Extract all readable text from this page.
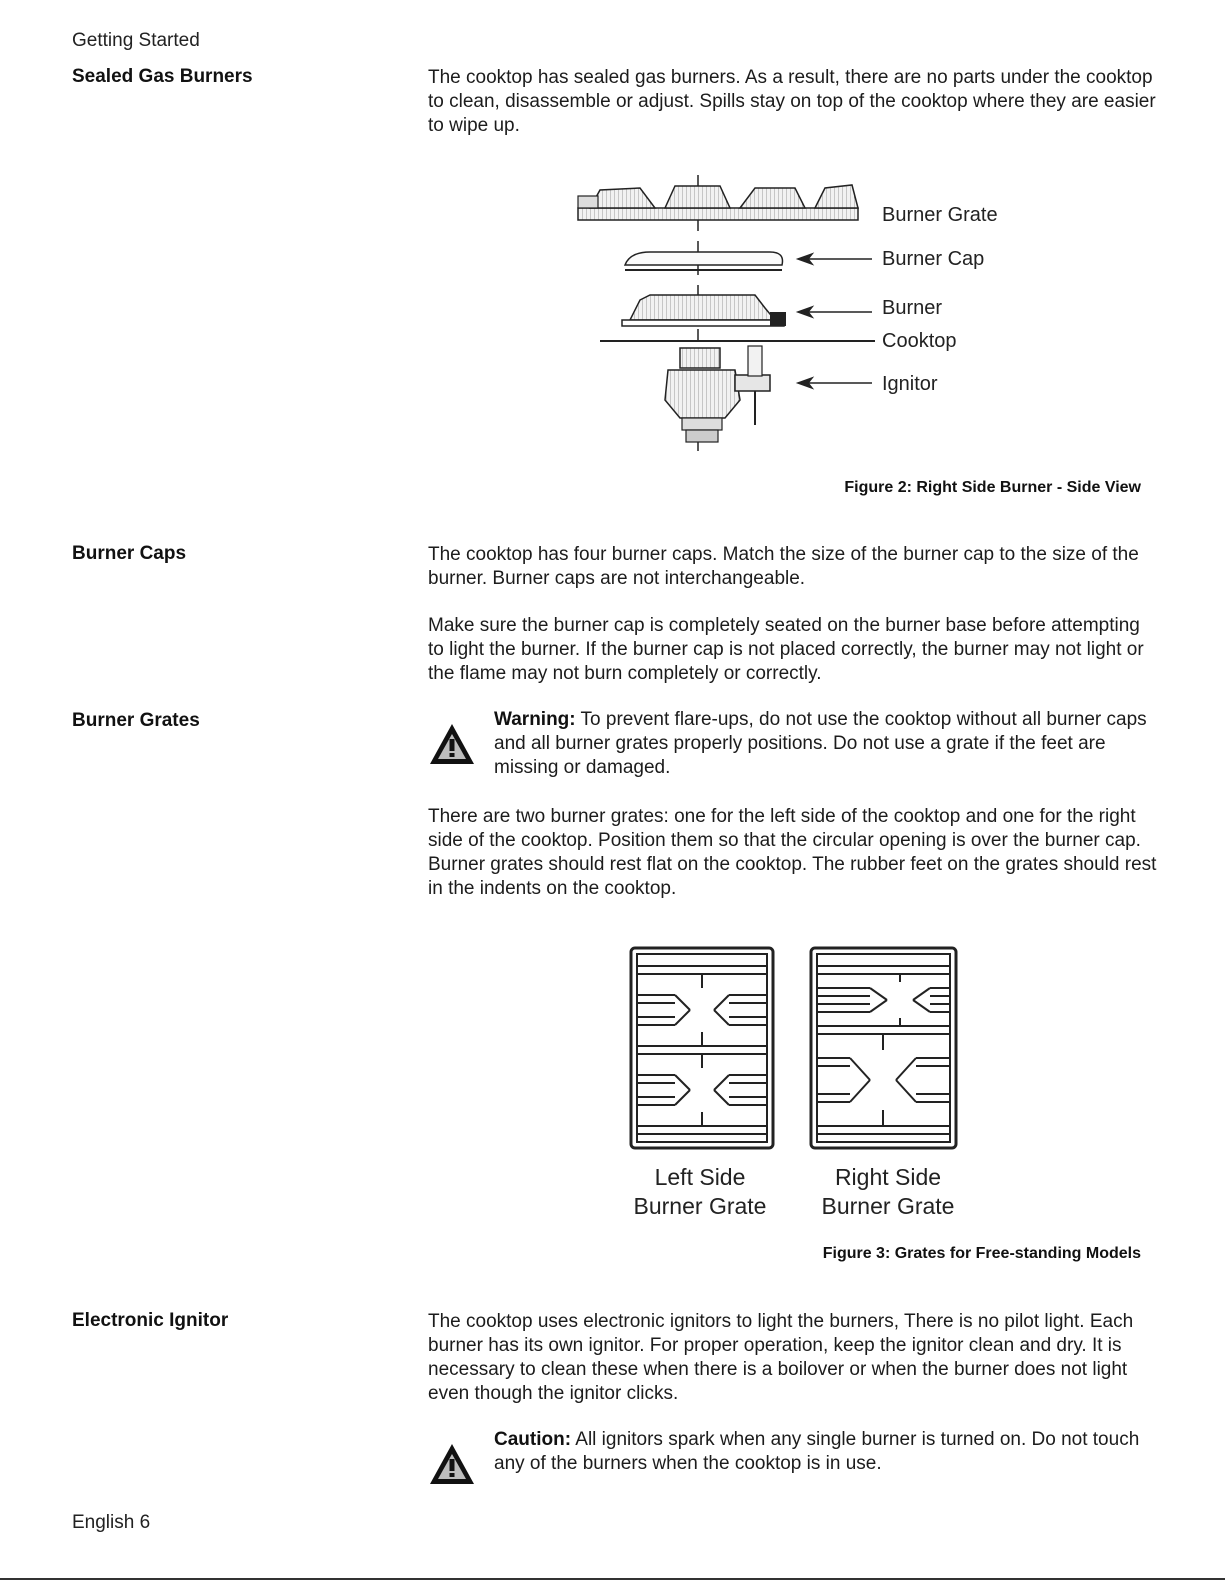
Getting Started
Sealed Gas Burners	The cooktop has sealed gas burners. As a result, there are no parts under the cooktop to clean, disassemble or adjust. Spills stay on top of the cooktop where they are easier to wipe up.
Burner Grate
Burner Cap
Burner
Cooktop
Ignitor
Figure 2: Right Side Burner - Side View
Burner Caps	The cooktop has four burner caps. Match the size of the burner cap to the size of the burner. Burner caps are not interchangeable.
Make sure the burner cap is completely seated on the burner base before attempting to light the burner. If the burner cap is not placed correctly, the burner may not light or the flame may not burn completely or correctly.
Burner Grates	Warning: To prevent flare-ups, do not use the cooktop without all burner caps and all burner grates properly positions. Do not use a grate if the feet are missing or damaged.
There are two burner grates: one for the left side of the cooktop and one for the right side of the cooktop. Position them so that the circular opening is over the burner cap. Burner grates should rest flat on the cooktop. The rubber feet on the grates should rest in the indents on the cooktop.
Left Side
Burner Grate
Right Side
Burner Grate
Figure 3: Grates for Free-standing Models
Electronic Ignitor	The cooktop uses electronic ignitors to light the burners, There is no pilot light. Each burner has its own ignitor. For proper operation, keep the ignitor clean and dry. It is necessary to clean these when there is a boilover or when the burner does not light even though the ignitor clicks.
Caution: All ignitors spark when any single burner is turned on. Do not touch any of the burners when the cooktop is in use.
English 6
